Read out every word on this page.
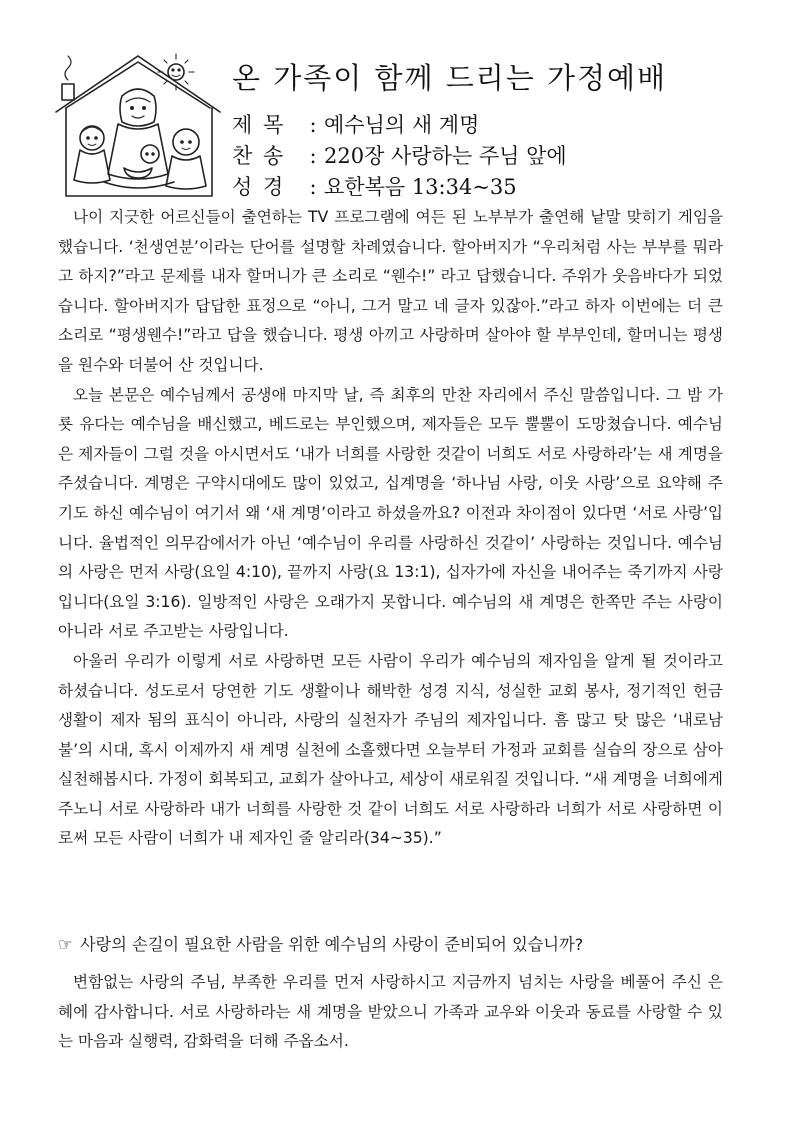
온 가족이 함께 드리는 가정예배
제 목 : 예수님의 새 계명
찬 송 : 220장 사랑하는 주님 앞에
성 경 : 요한복음 13:34~35

나이 지긋한 어르신들이 출연하는 TV 프로그램에 여든 된 노부부가 출연해 낱말 맞히기 게임을 했습니다. ‘천생연분’이라는 단어를 설명할 차례였습니다. 할아버지가 “우리처럼 사는 부부를 뭐라고 하지?”라고 문제를 내자 할머니가 큰 소리로 “웬수!” 라고 답했습니다. 주위가 웃음바다가 되었습니다. 할아버지가 답답한 표정으로 “아니, 그거 말고 네 글자 있잖아.”라고 하자 이번에는 더 큰 소리로 “평생웬수!”라고 답을 했습니다. 평생 아끼고 사랑하며 살아야 할 부부인데, 할머니는 평생을 원수와 더불어 산 것입니다.

오늘 본문은 예수님께서 공생애 마지막 날, 즉 최후의 만찬 자리에서 주신 말씀입니다. 그 밤 가룟 유다는 예수님을 배신했고, 베드로는 부인했으며, 제자들은 모두 뿔뿔이 도망쳤습니다. 예수님은 제자들이 그럴 것을 아시면서도 ‘내가 너희를 사랑한 것같이 너희도 서로 사랑하라’는 새 계명을 주셨습니다. 계명은 구약시대에도 많이 있었고, 십계명을 ‘하나님 사랑, 이웃 사랑’으로 요약해 주기도 하신 예수님이 여기서 왜 ‘새 계명’이라고 하셨을까요? 이전과 차이점이 있다면 ‘서로 사랑’입니다. 율법적인 의무감에서가 아닌 ‘예수님이 우리를 사랑하신 것같이’ 사랑하는 것입니다. 예수님의 사랑은 먼저 사랑(요일 4:10), 끝까지 사랑(요 13:1), 십자가에 자신을 내어주는 죽기까지 사랑입니다(요일 3:16). 일방적인 사랑은 오래가지 못합니다. 예수님의 새 계명은 한쪽만 주는 사랑이 아니라 서로 주고받는 사랑입니다.

아울러 우리가 이렇게 서로 사랑하면 모든 사람이 우리가 예수님의 제자임을 알게 될 것이라고 하셨습니다. 성도로서 당연한 기도 생활이나 해박한 성경 지식, 성실한 교회 봉사, 정기적인 헌금 생활이 제자 됨의 표식이 아니라, 사랑의 실천자가 주님의 제자입니다. 흠 많고 탓 많은 ‘내로남불’의 시대, 혹시 이제까지 새 계명 실천에 소홀했다면 오늘부터 가정과 교회를 실습의 장으로 삼아 실천해봅시다. 가정이 회복되고, 교회가 살아나고, 세상이 새로워질 것입니다. “새 계명을 너희에게 주노니 서로 사랑하라 내가 너희를 사랑한 것 같이 너희도 서로 사랑하라 너희가 서로 사랑하면 이로써 모든 사람이 너희가 내 제자인 줄 알리라(34~35).”

☞ 사랑의 손길이 필요한 사람을 위한 예수님의 사랑이 준비되어 있습니까?

변함없는 사랑의 주님, 부족한 우리를 먼저 사랑하시고 지금까지 넘치는 사랑을 베풀어 주신 은혜에 감사합니다. 서로 사랑하라는 새 계명을 받았으니 가족과 교우와 이웃과 동료를 사랑할 수 있는 마음과 실행력, 감화력을 더해 주옵소서.
